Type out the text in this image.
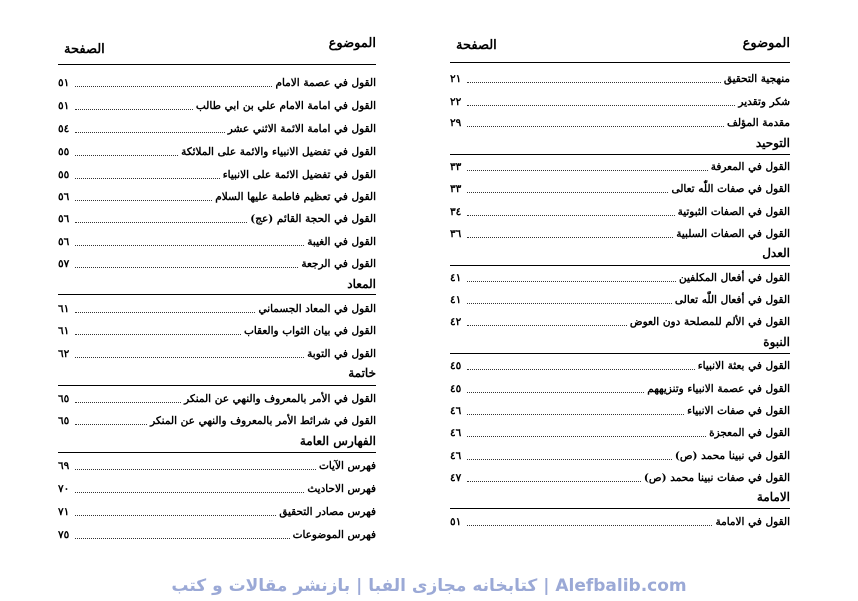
الموضوع
الصفحة
القول في عصمة الامام
٥١
القول في امامة الامام علي بن ابي طالب
٥١
القول في امامة الائمة الاثني عشر
٥٤
القول في تفضيل الانبياء والائمة على الملائكة
٥٥
القول في تفضيل الائمة على الانبياء
٥٥
القول في تعظيم فاطمة عليها السلام
٥٦
القول في الحجة القائم (عج)
٥٦
القول في الغيبة
٥٦
القول في الرجعة
٥٧
المعاد
القول في المعاد الجسماني
٦١
القول في بيان الثواب والعقاب
٦١
القول في التوبة
٦٢
خاتمة
القول في الأمر بالمعروف والنهي عن المنكر
٦٥
القول في شرائط الأمر بالمعروف والنهي عن المنكر
٦٥
الفهارس العامة
فهرس الآيات
٦٩
فهرس الاحاديث
٧٠
فهرس مصادر التحقيق
٧١
فهرس الموضوعات
٧٥
الموضوع
الصفحة
منهجية التحقيق
٢١
شكر وتقدير
٢٢
مقدمة المؤلف
٢٩
التوحيد
القول في المعرفة
٣٣
القول في صفات اللّٰه تعالى
٣٣
القول في الصفات الثبوتية
٣٤
القول في الصفات السلبية
٣٦
العدل
القول في أفعال المكلفين
٤١
القول في أفعال اللّٰه تعالى
٤١
القول في الألم للمصلحة دون العوض
٤٢
النبوة
القول في بعثة الانبياء
٤٥
القول في عصمة الانبياء وتنزيههم
٤٥
القول في صفات الانبياء
٤٦
القول في المعجزة
٤٦
القول في نبينا محمد (ص)
٤٦
القول في صفات نبينا محمد (ص)
٤٧
الامامة
القول في الامامة
٥١
Alefbalib.com | کتابخانه مجازی الفبا | بازنشر مقالات و کتب
